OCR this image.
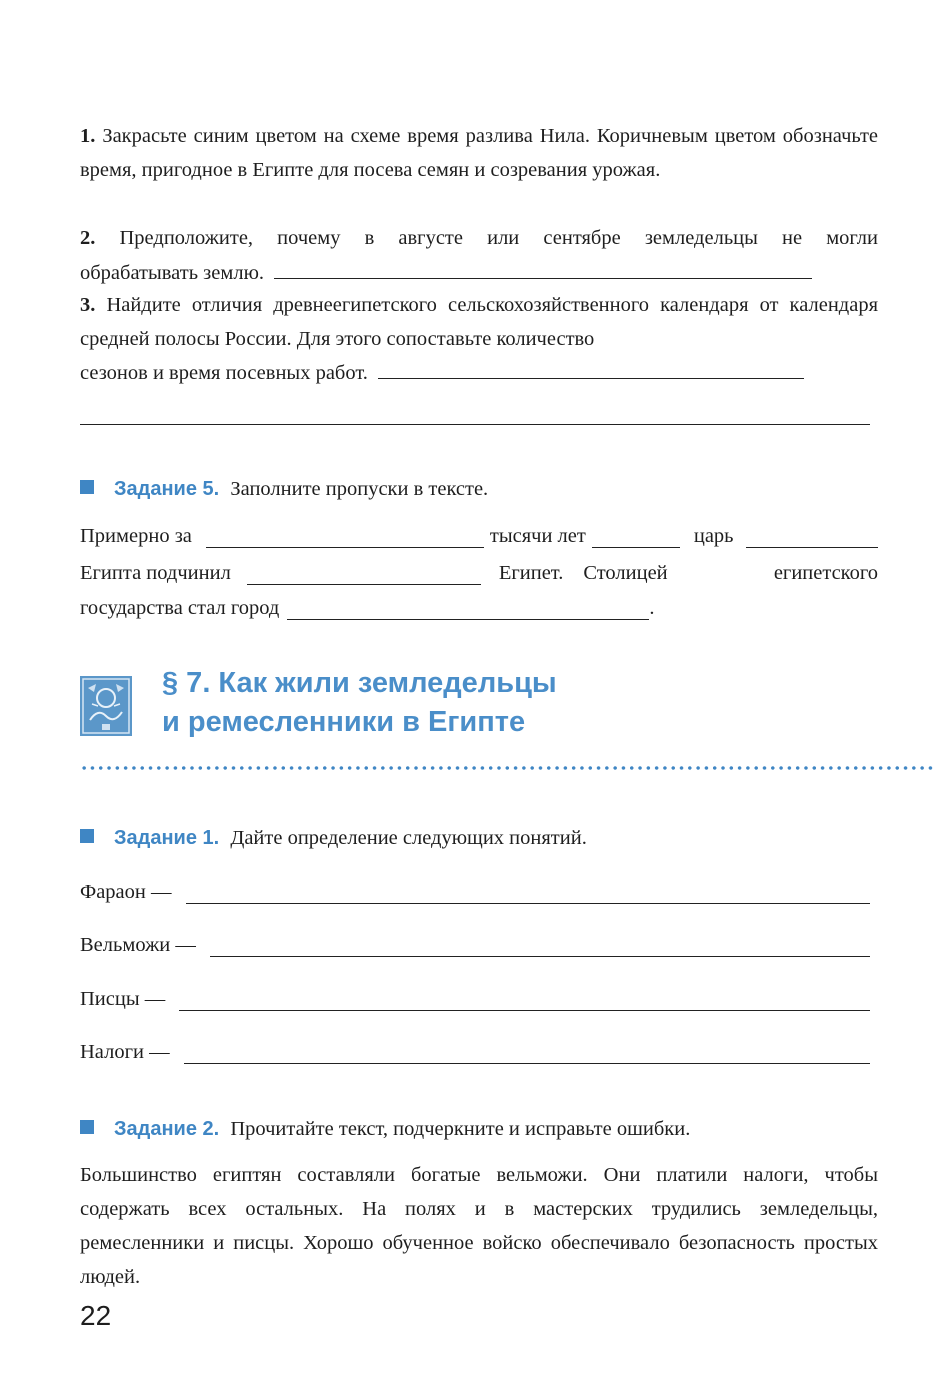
1. Закрасьте синим цветом на схеме время разлива Нила. Коричневым цветом обозначьте время, пригодное в Египте для посева семян и созревания урожая.
2. Предположите, почему в августе или сентябре земледельцы не могли
обрабатывать землю.
3. Найдите отличия древнеегипетского сельскохозяйственного календаря от календаря средней полосы России. Для этого сопоставьте количество
сезонов и время посевных работ.
Задание 5. Заполните пропуски в тексте.
Примерно за	тысячи лет	царь
Египта подчинил	Египет. Столицей	египетского
государства стал город	.
§ 7. Как жили земледельцы
и ремесленники в Египте
Задание 1. Дайте определение следующих понятий.
Фараон —
Вельможи —
Писцы —
Налоги —
Задание 2. Прочитайте текст, подчеркните и исправьте ошибки.
Большинство египтян составляли богатые вельможи. Они платили налоги, чтобы содержать всех остальных. На полях и в мастерских трудились земледельцы, ремесленники и писцы. Хорошо обученное войско обеспечивало безопасность простых людей.
22
